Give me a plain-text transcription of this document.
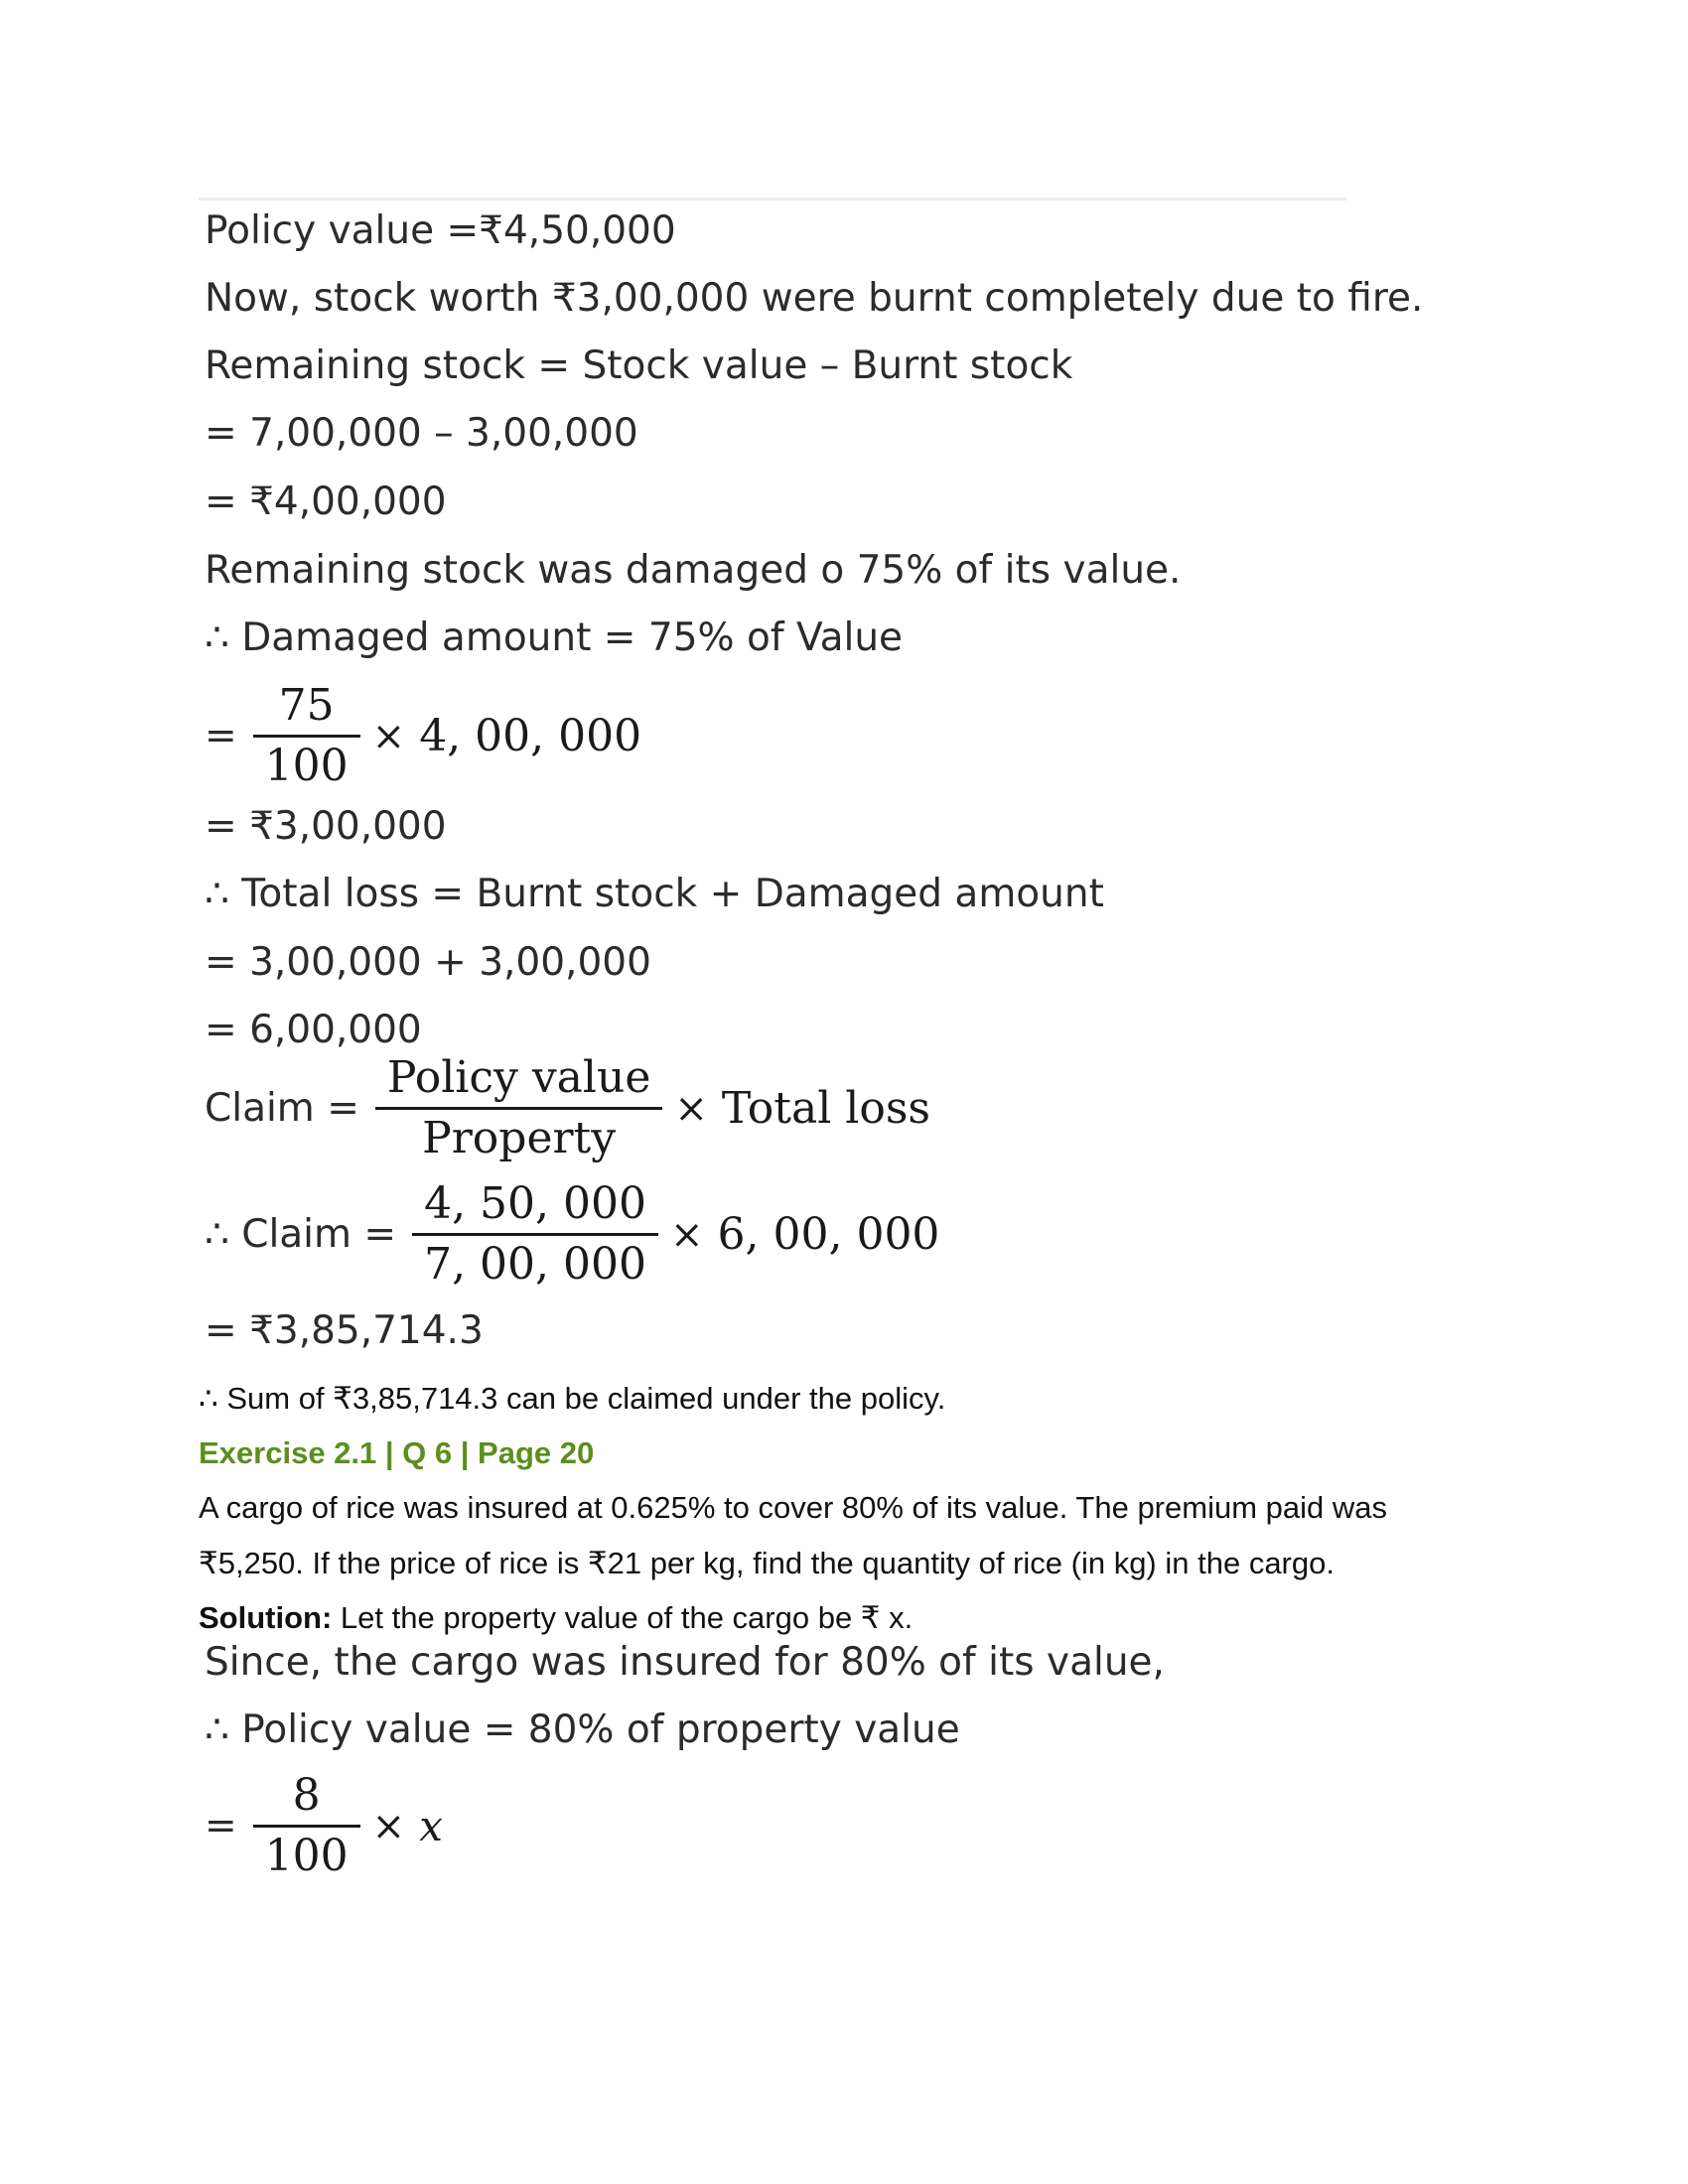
Policy value =₹4,50,000
Now, stock worth ₹3,00,000 were burnt completely due to fire.
Remaining stock = Stock value – Burnt stock
= 7,00,000 – 3,00,000
= ₹4,00,000
Remaining stock was damaged o 75% of its value.
∴ Damaged amount = 75% of Value
= $\frac{75}{100} \times 4$, 00, 000
= ₹3,00,000
∴ Total loss = Burnt stock + Damaged amount
= 3,00,000 + 3,00,000
= 6,00,000
Claim = $\frac{\text{Policy value}}{\text{Property}}$ × Total loss
∴ Claim = $\frac{4, 50, 000}{7, 00, 000} \times 6$, 00, 000
= ₹3,85,714.3
∴ Sum of ₹3,85,714.3 can be claimed under the policy.
Exercise 2.1 | Q 6 | Page 20
A cargo of rice was insured at 0.625% to cover 80% of its value. The premium paid was
₹5,250. If the price of rice is ₹21 per kg, find the quantity of rice (in kg) in the cargo.
Solution: Let the property value of the cargo be ₹ x.
Since, the cargo was insured for 80% of its value,
∴ Policy value = 80% of property value
= $\frac{8}{100} \times x$
